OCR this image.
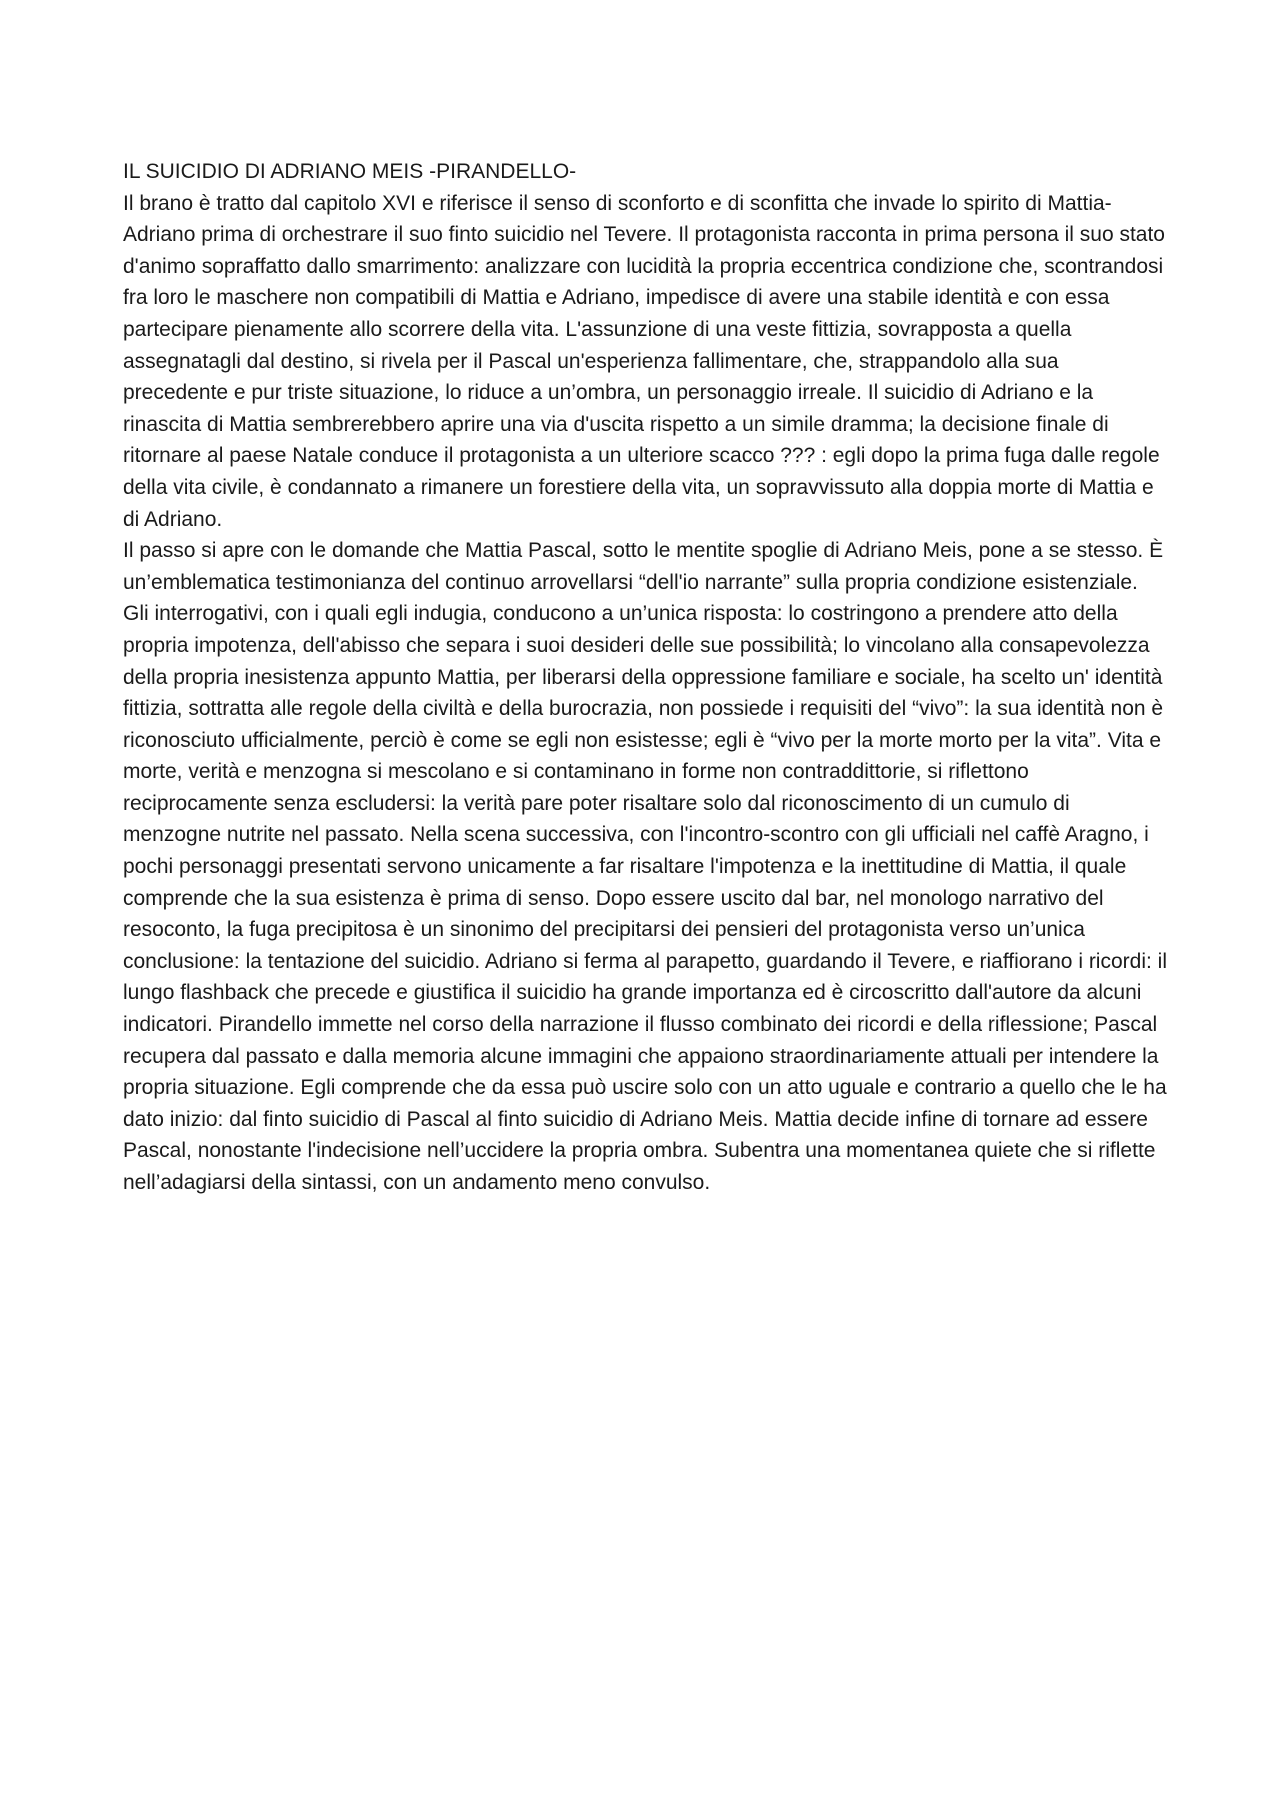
IL SUICIDIO DI ADRIANO MEIS -PIRANDELLO-

Il brano è tratto dal capitolo XVI e riferisce il senso di sconforto e di sconfitta che invade lo spirito di Mattia-Adriano prima di orchestrare il suo finto suicidio nel Tevere. Il protagonista racconta in prima persona il suo stato d'animo sopraffatto dallo smarrimento: analizzare con lucidità la propria eccentrica condizione che, scontrandosi fra loro le maschere non compatibili di Mattia e Adriano, impedisce di avere una stabile identità e con essa partecipare pienamente allo scorrere della vita. L'assunzione di una veste fittizia, sovrapposta a quella assegnatagli dal destino, si rivela per il Pascal un'esperienza fallimentare, che, strappandolo alla sua precedente e pur triste situazione, lo riduce a un’ombra, un personaggio irreale. Il suicidio di Adriano e la rinascita di Mattia sembrerebbero aprire una via d'uscita rispetto a un simile dramma; la decisione finale di ritornare al paese Natale conduce il protagonista a un ulteriore scacco ??? : egli dopo la prima fuga dalle regole della vita civile, è condannato a rimanere un forestiere della vita, un sopravvissuto alla doppia morte di Mattia e di Adriano.

Il passo si apre con le domande che Mattia Pascal, sotto le mentite spoglie di Adriano Meis, pone a se stesso. È un’emblematica testimonianza del continuo arrovellarsi “dell'io narrante” sulla propria condizione esistenziale. Gli interrogativi, con i quali egli indugia, conducono a un’unica risposta: lo costringono a prendere atto della propria impotenza, dell'abisso che separa i suoi desideri delle sue possibilità; lo vincolano alla consapevolezza della propria inesistenza appunto Mattia, per liberarsi della oppressione familiare e sociale, ha scelto un' identità fittizia, sottratta alle regole della civiltà e della burocrazia, non possiede i requisiti del “vivo”: la sua identità non è riconosciuto ufficialmente, perciò è come se egli non esistesse; egli è “vivo per la morte morto per la vita”. Vita e morte, verità e menzogna si mescolano e si contaminano in forme non contraddittorie, si riflettono reciprocamente senza escludersi: la verità pare poter risaltare solo dal riconoscimento di un cumulo di menzogne nutrite nel passato. Nella scena successiva, con l'incontro-scontro con gli ufficiali nel caffè Aragno, i pochi personaggi presentati servono unicamente a far risaltare l'impotenza e la inettitudine di Mattia, il quale comprende che la sua esistenza è prima di senso. Dopo essere uscito dal bar, nel monologo narrativo del resoconto, la fuga precipitosa è un sinonimo del precipitarsi dei pensieri del protagonista verso un’unica conclusione: la tentazione del suicidio. Adriano si ferma al parapetto, guardando il Tevere, e riaffiorano i ricordi: il lungo flashback che precede e giustifica il suicidio ha grande importanza ed è circoscritto dall'autore da alcuni indicatori. Pirandello immette nel corso della narrazione il flusso combinato dei ricordi e della riflessione; Pascal recupera dal passato e dalla memoria alcune immagini che appaiono straordinariamente attuali per intendere la propria situazione. Egli comprende che da essa può uscire solo con un atto uguale e contrario a quello che le ha dato inizio: dal finto suicidio di Pascal al finto suicidio di Adriano Meis. Mattia decide infine di tornare ad essere Pascal, nonostante l'indecisione nell’uccidere la propria ombra. Subentra una momentanea quiete che si riflette nell’adagiarsi della sintassi, con un andamento meno convulso.
